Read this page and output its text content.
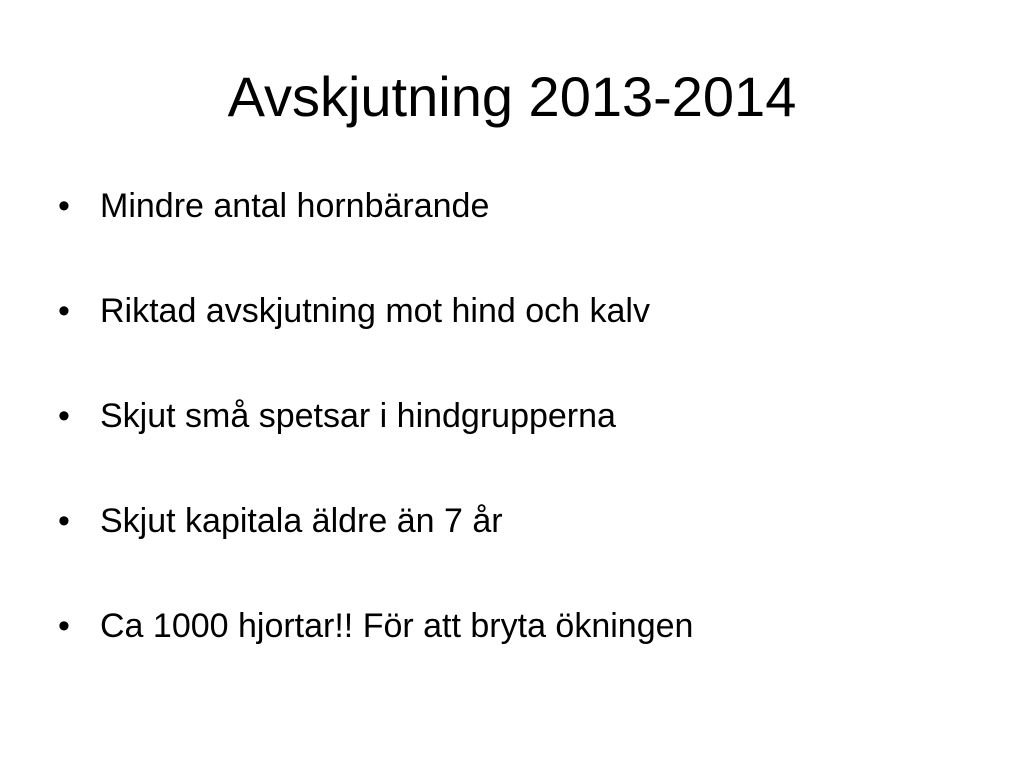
Avskjutning 2013-2014
• Mindre antal hornbärande
• Riktad avskjutning mot hind och kalv
• Skjut små spetsar i hindgrupperna
• Skjut kapitala äldre än 7 år
• Ca 1000 hjortar!! För att bryta ökningen
